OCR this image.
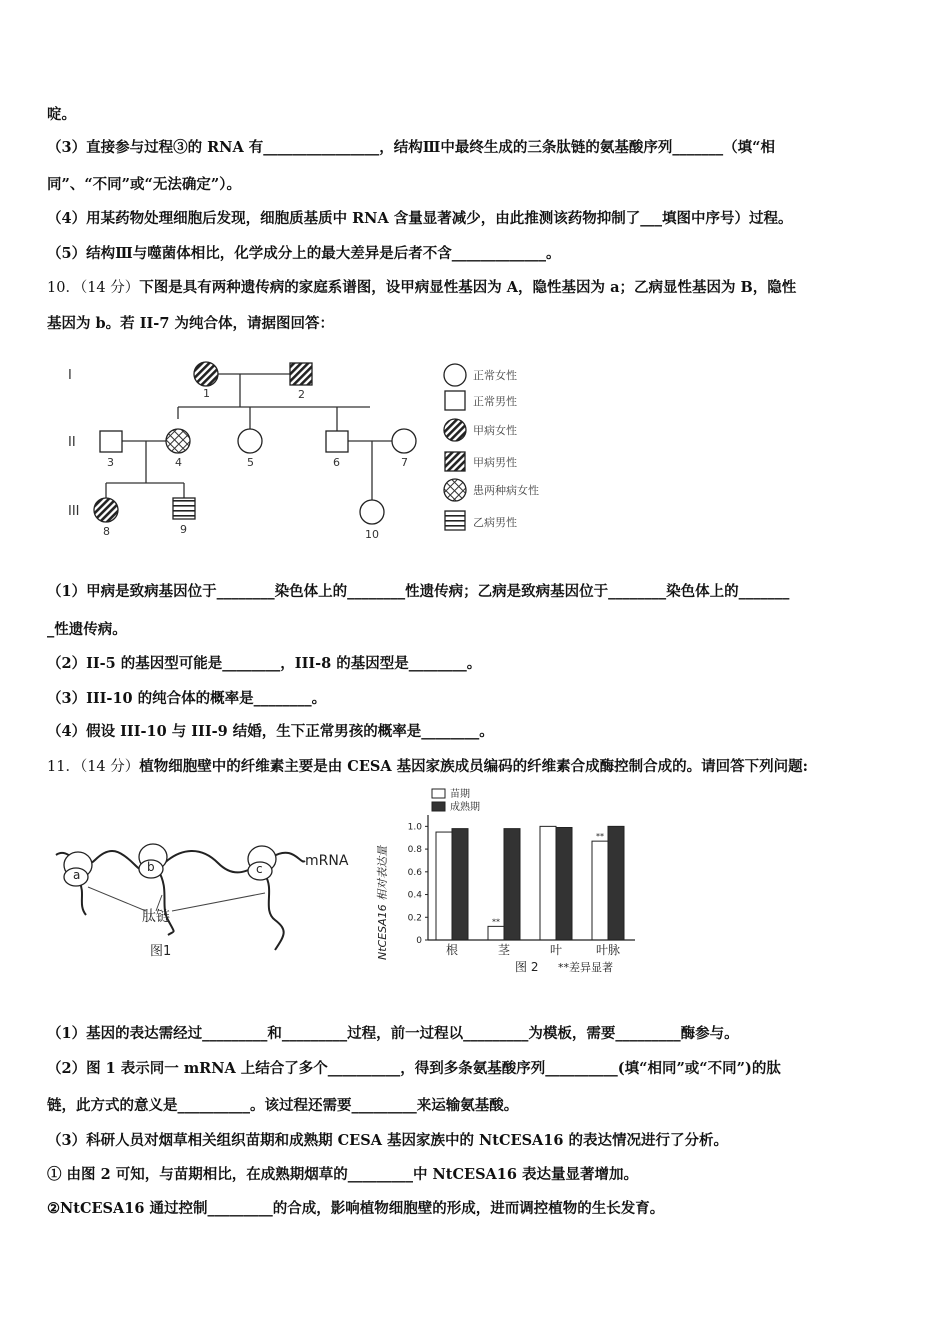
啶。
（3）直接参与过程③的 RNA 有________________，结构Ⅲ中最终生成的三条肽链的氨基酸序列_______（填“相
同”、“不同”或“无法确定”）。
（4）用某药物处理细胞后发现，细胞质基质中 RNA 含量显著减少，由此推测该药物抑制了___填图中序号）过程。
（5）结构Ⅲ与噬菌体相比，化学成分上的最大差异是后者不含_____________。
10．（14 分）下图是具有两种遗传病的家庭系谱图，设甲病显性基因为 A，隐性基因为 a；乙病显性基因为 B，隐性
基因为 b。若 II-7 为纯合体，请据图回答：
I
II
III
1	2
3	4	5	6	7
8	9	10
正常女性
正常男性
甲病女性
甲病男性
患两种病女性
乙病男性
（1）甲病是致病基因位于________染色体上的________性遗传病；乙病是致病基因位于________染色体上的_______
_性遗传病。
（2）II-5 的基因型可能是________，III-8 的基因型是________。
（3）III-10 的纯合体的概率是________。
（4）假设 III-10 与 III-9 结婚，生下正常男孩的概率是________。
11．（14 分）植物细胞壁中的纤维素主要是由 CESA 基因家族成员编码的纤维素合成酶控制合成的。请回答下列问题:
a
b	c	mRNA
肽链
图1
苗期
成熟期
NtCESA16 相对表达量	0
0.2
0.4
0.6
0.8
1.0
**
**
根	茎	叶	叶脉
图 2 **差异显著
（1）基因的表达需经过_________和_________过程，前一过程以_________为模板，需要_________酶参与。
（2）图 1 表示同一 mRNA 上结合了多个__________，得到多条氨基酸序列__________(填“相同”或“不同”)的肽
链，此方式的意义是__________。该过程还需要_________来运输氨基酸。
（3）科研人员对烟草相关组织苗期和成熟期 CESA 基因家族中的 NtCESA16 的表达情况进行了分析。
① 由图 2 可知，与苗期相比，在成熟期烟草的_________中 NtCESA16 表达量显著增加。
②NtCESA16 通过控制_________的合成，影响植物细胞壁的形成，进而调控植物的生长发育。
